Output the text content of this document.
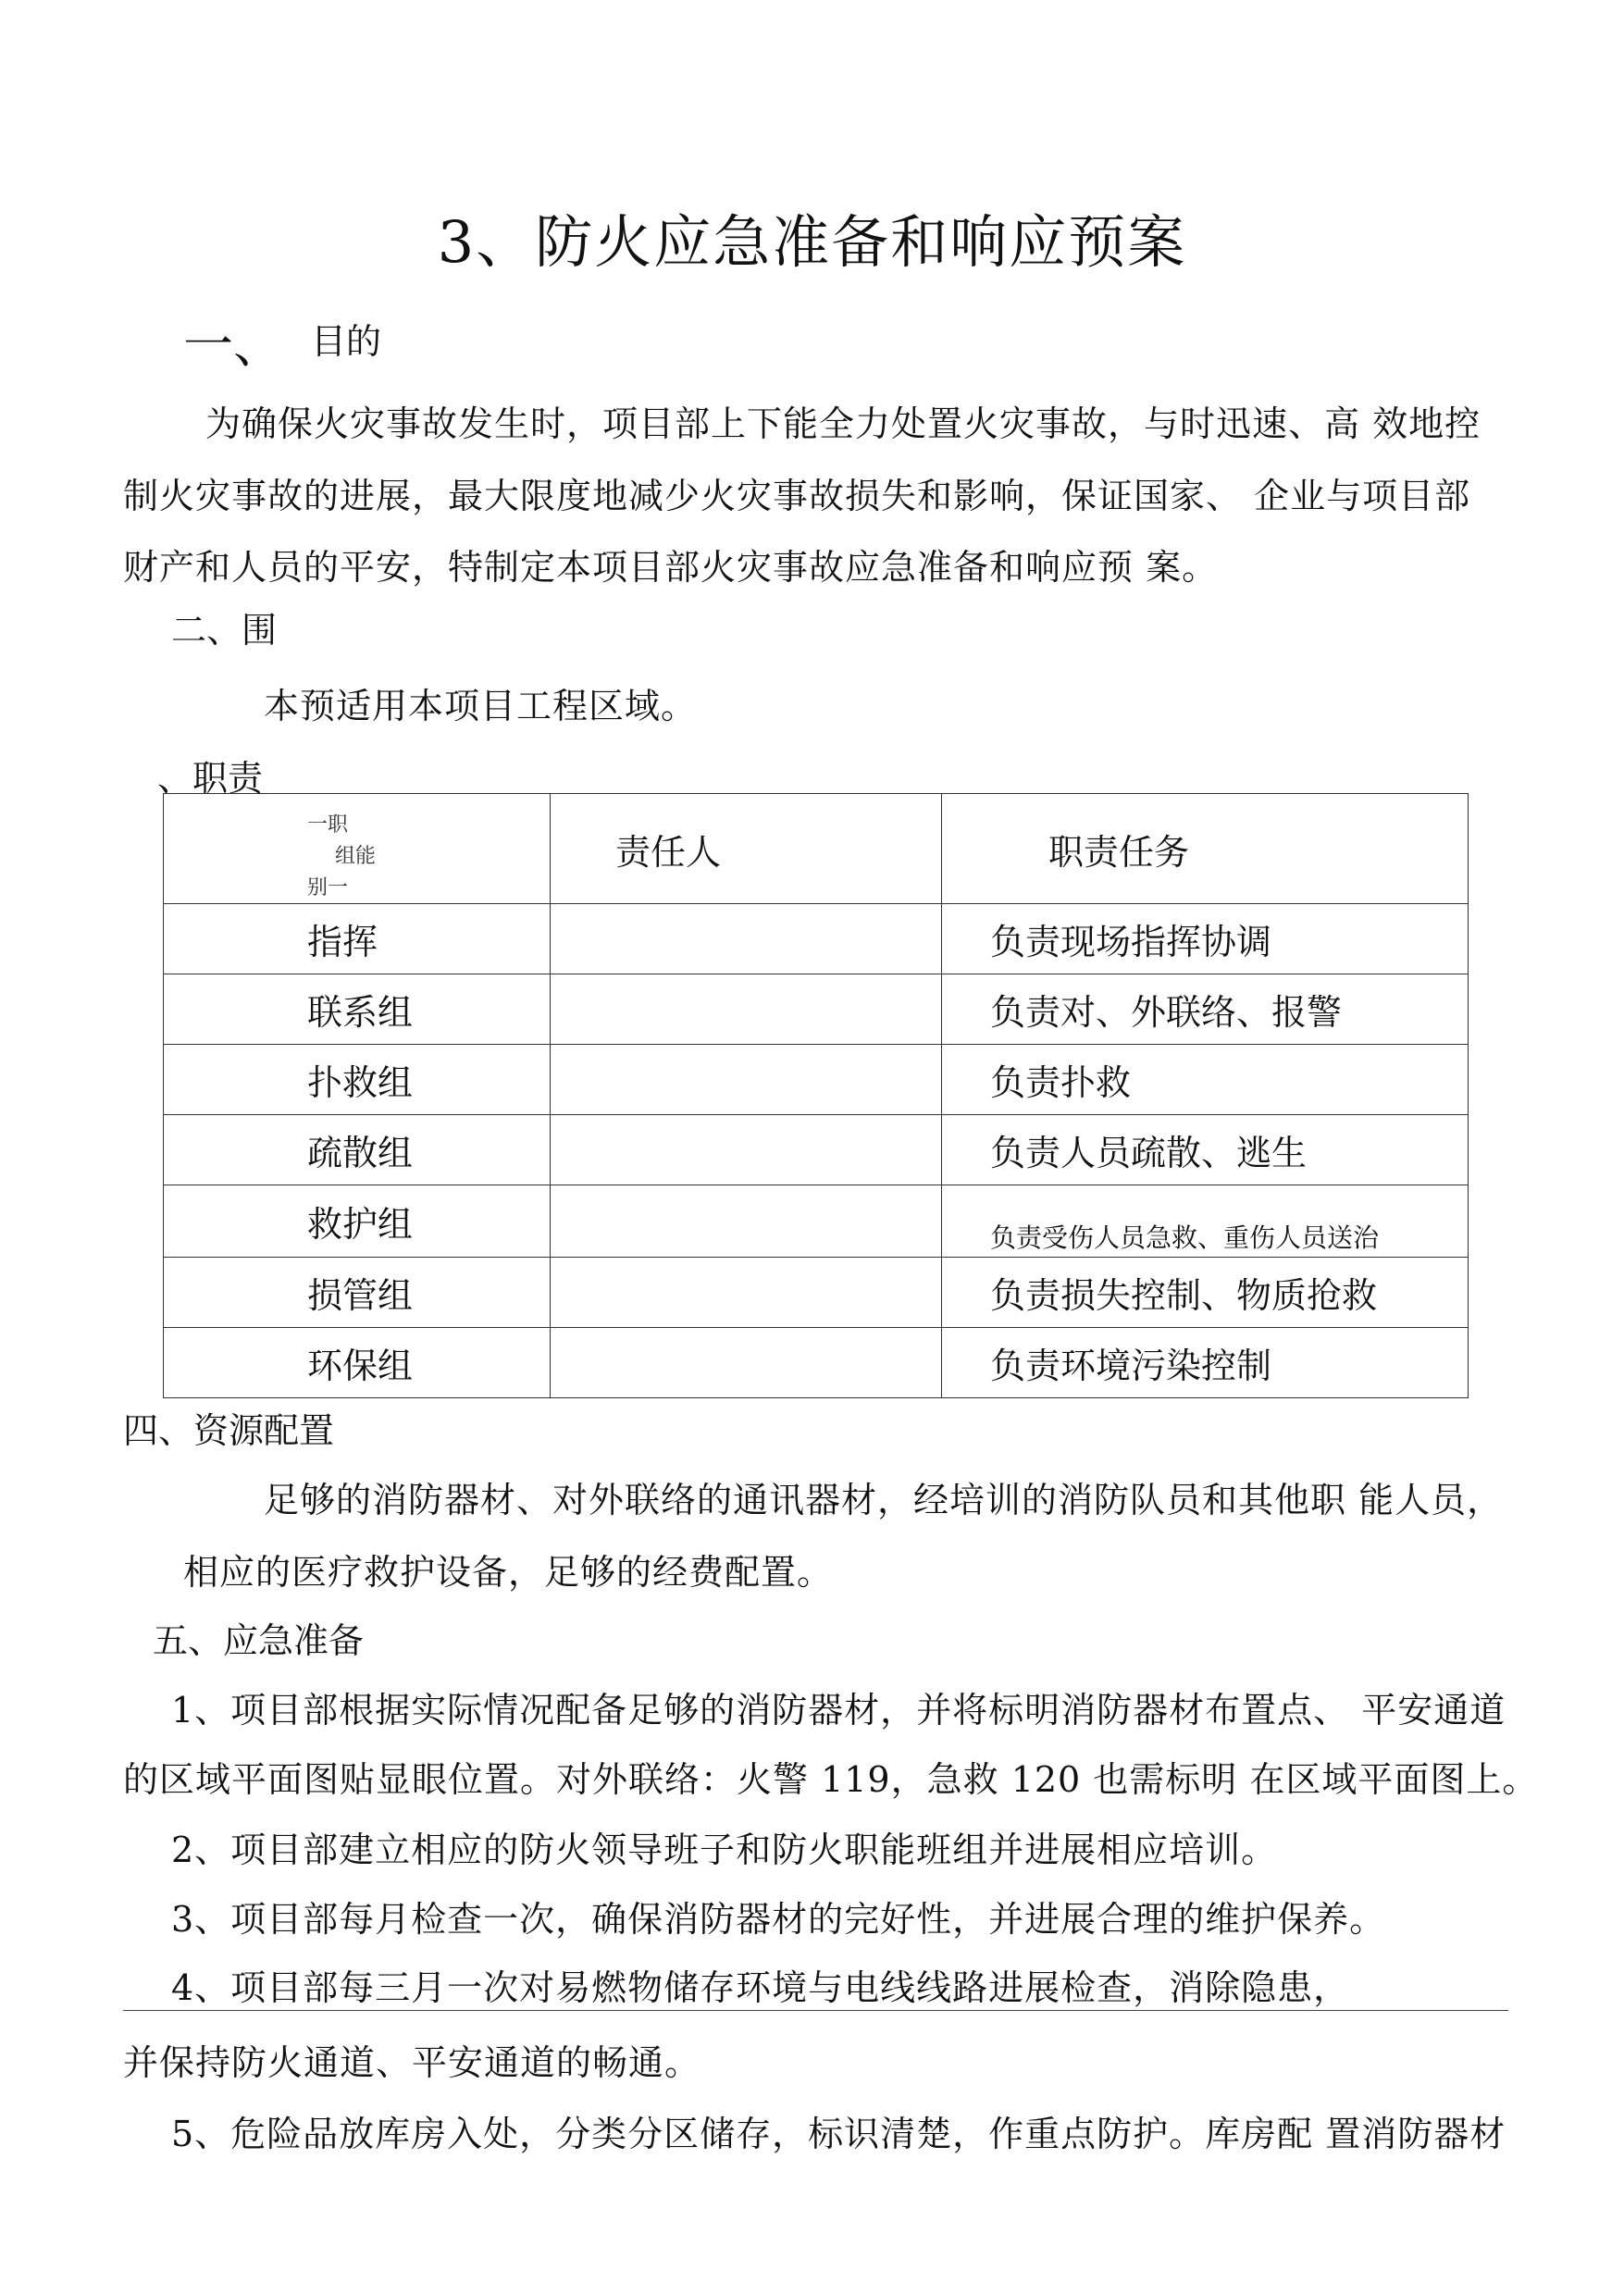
3、防火应急准备和响应预案
一、 目的
为确保火灾事故发生时，项目部上下能全力处置火灾事故，与时迅速、高 效地控
制火灾事故的进展，最大限度地减少火灾事故损失和影响，保证国家、 企业与项目部
财产和人员的平安，特制定本项目部火灾事故应急准备和响应预 案。
二、围
本预适用本项目工程区域。
、职责
一职
组能
别一	责任人	职责任务
指挥		负责现场指挥协调
联系组		负责对、外联络、报警
扑救组		负责扑救
疏散组		负责人员疏散、逃生
救护组		负责受伤人员急救、重伤人员送治
损管组		负责损失控制、物质抢救
环保组		负责环境污染控制
四、资源配置
足够的消防器材、对外联络的通讯器材，经培训的消防队员和其他职 能人员，
相应的医疗救护设备，足够的经费配置。
五、应急准备
1、项目部根据实际情况配备足够的消防器材，并将标明消防器材布置点、 平安通道
的区域平面图贴显眼位置。对外联络：火警 119，急救 120 也需标明 在区域平面图上。
2、项目部建立相应的防火领导班子和防火职能班组并进展相应培训。
3、项目部每月检查一次，确保消防器材的完好性，并进展合理的维护保养。
4、项目部每三月一次对易燃物储存环境与电线线路进展检查，消除隐患，
并保持防火通道、平安通道的畅通。
5、危险品放库房入处，分类分区储存，标识清楚，作重点防护。库房配 置消防器材
